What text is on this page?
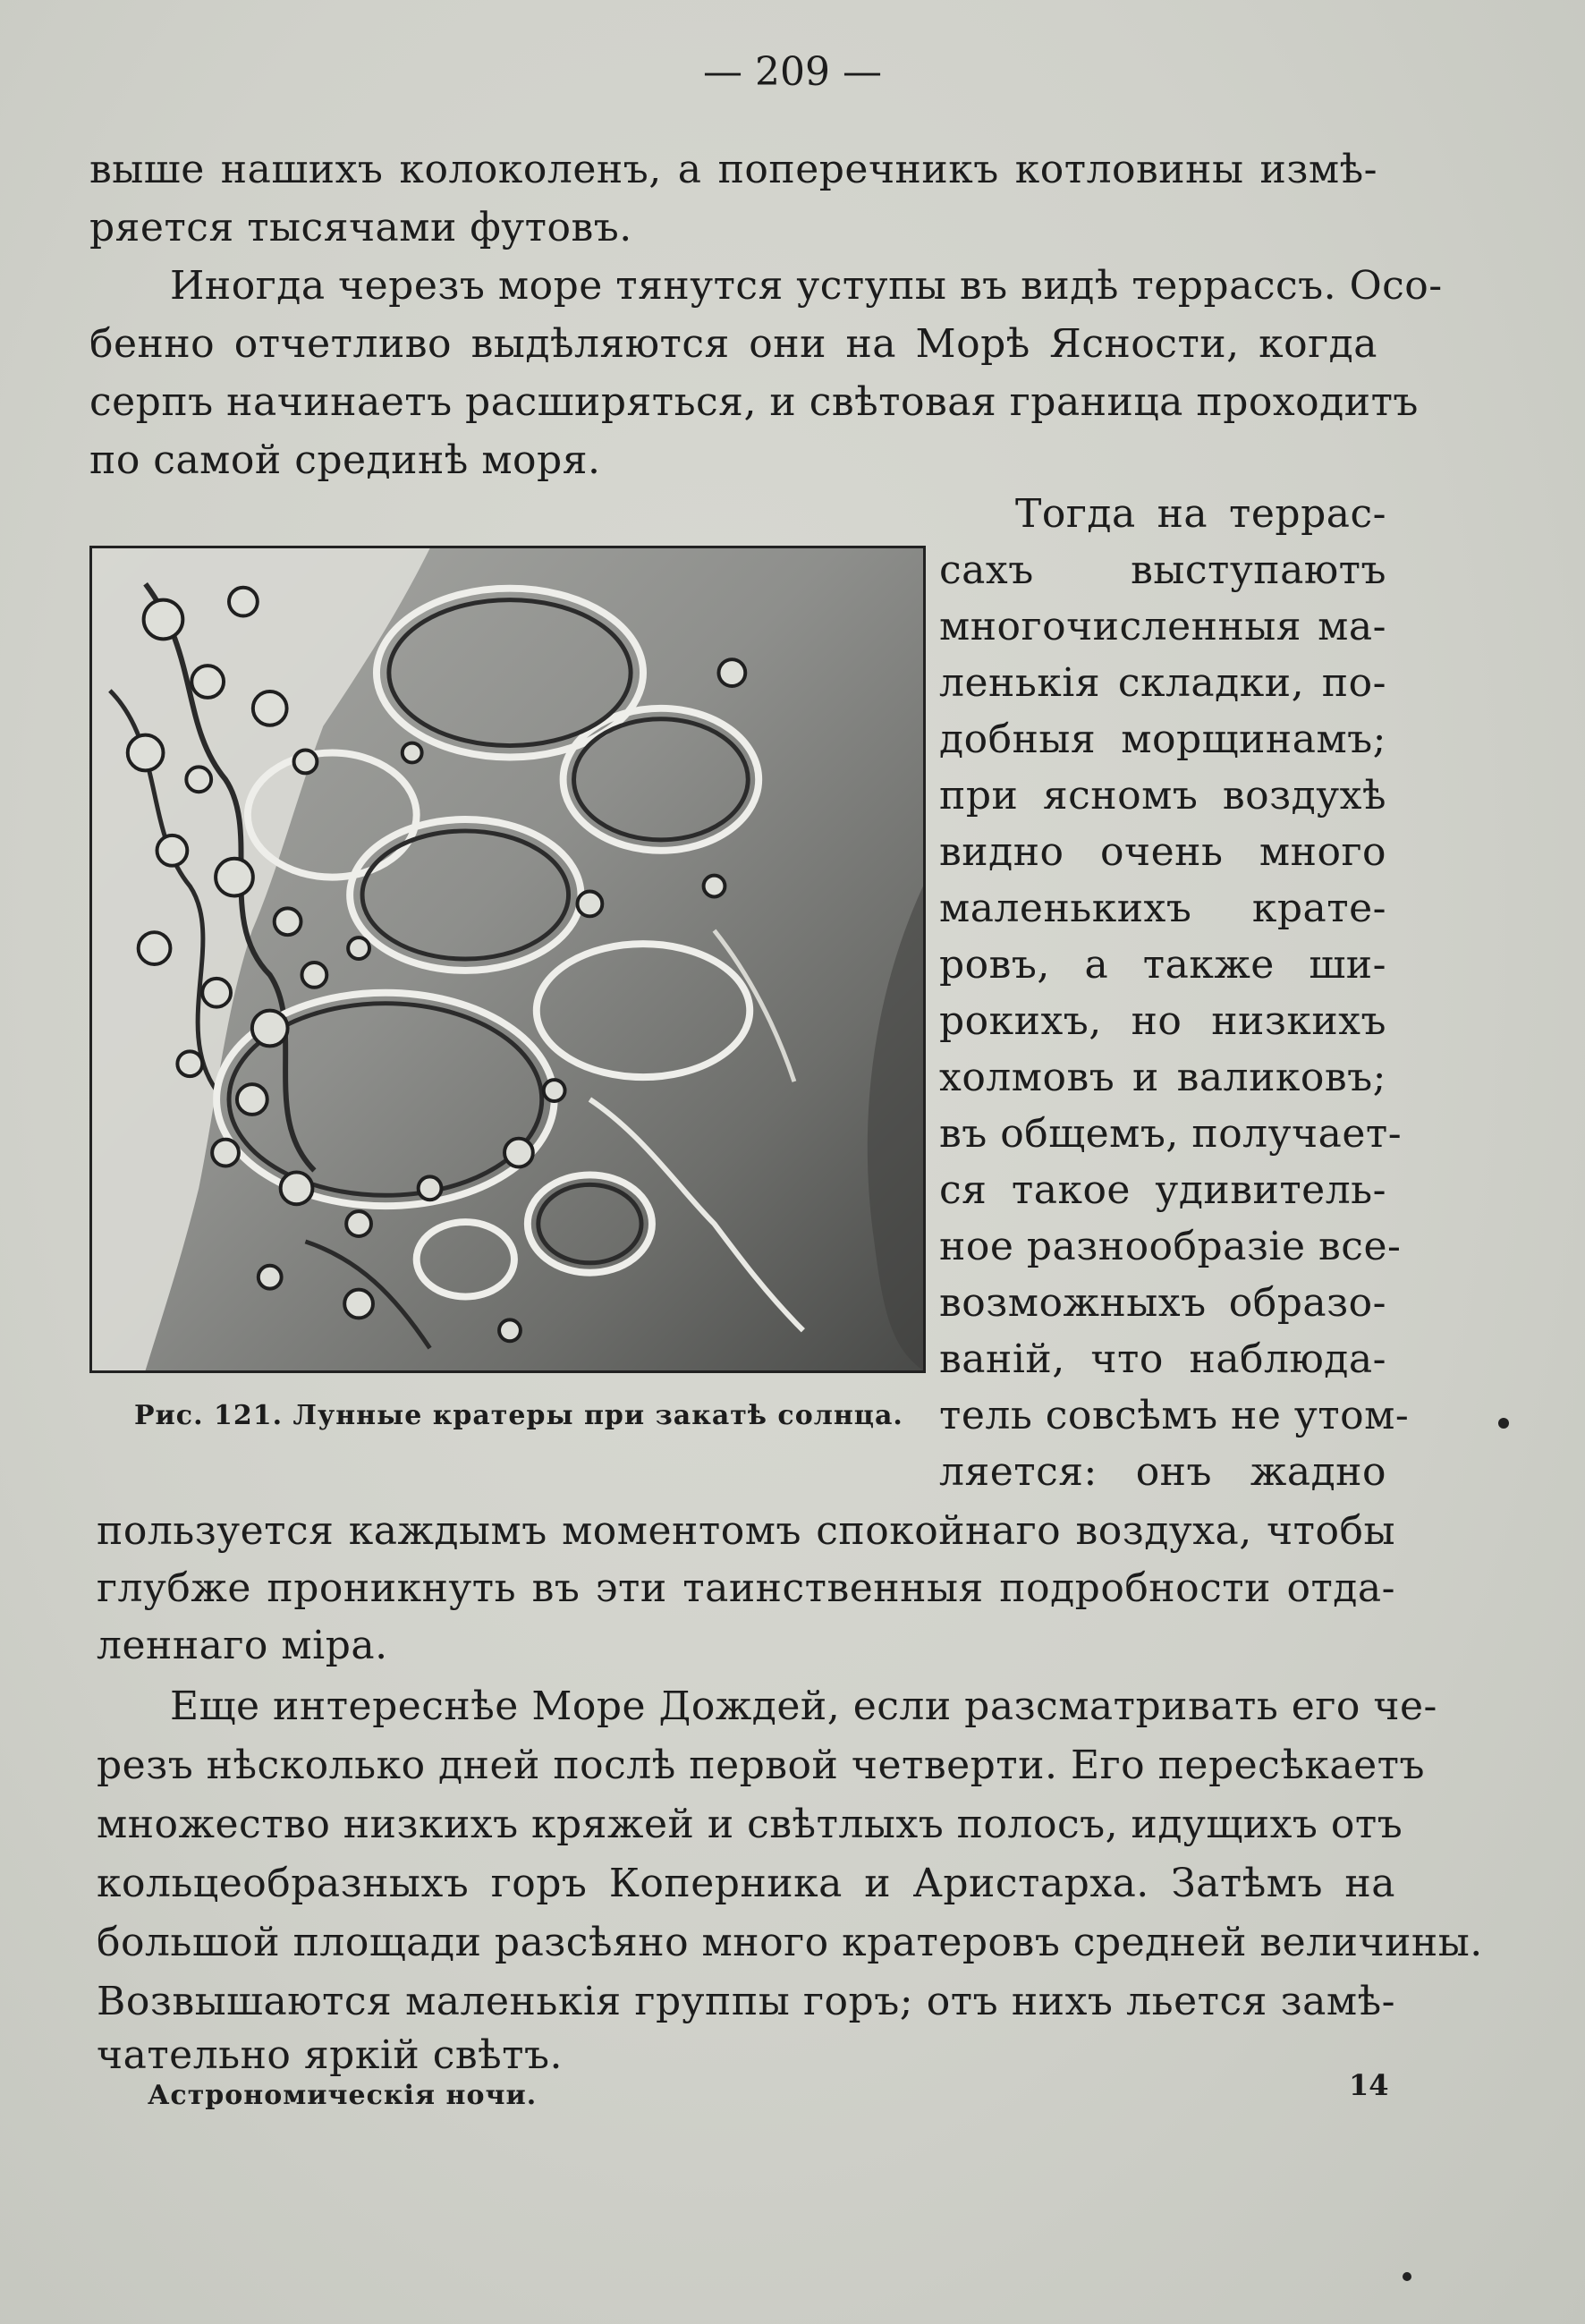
— 209 —
выше нашихъ колоколенъ, а поперечникъ котловины измѣ-
ряется тысячами футовъ.
Иногда черезъ море тянутся уступы въ видѣ террассъ. Осо-
бенно отчетливо выдѣляются они на Морѣ Ясности, когда
серпъ начинаетъ расширяться, и свѣтовая граница проходитъ
по самой срединѣ моря.
Рис. 121. Лунные кратеры при закатѣ солнца.
Тогда на террас-
сахъ выступаютъ
многочисленныя ма-
ленькія складки, по-
добныя морщинамъ;
при ясномъ воздухѣ
видно очень много
маленькихъ крате-
ровъ, а также ши-
рокихъ, но низкихъ
холмовъ и валиковъ;
въ общемъ, получает-
ся такое удивитель-
ное разнообразіе все-
возможныхъ образо-
ваній, что наблюда-
тель совсѣмъ не утом-
ляется: онъ жадно
пользуется каждымъ моментомъ спокойнаго воздуха, чтобы
глубже проникнуть въ эти таинственныя подробности отда-
леннаго міра.
Еще интереснѣе Море Дождей, если разсматривать его че-
резъ нѣсколько дней послѣ первой четверти. Его пересѣкаетъ
множество низкихъ кряжей и свѣтлыхъ полосъ, идущихъ отъ
кольцеобразныхъ горъ Коперника и Аристарха. Затѣмъ на
большой площади разсѣяно много кратеровъ средней величины.
Возвышаются маленькія группы горъ; отъ нихъ льется замѣ-
чательно яркій свѣтъ.
Астрономическія ночи.	14
